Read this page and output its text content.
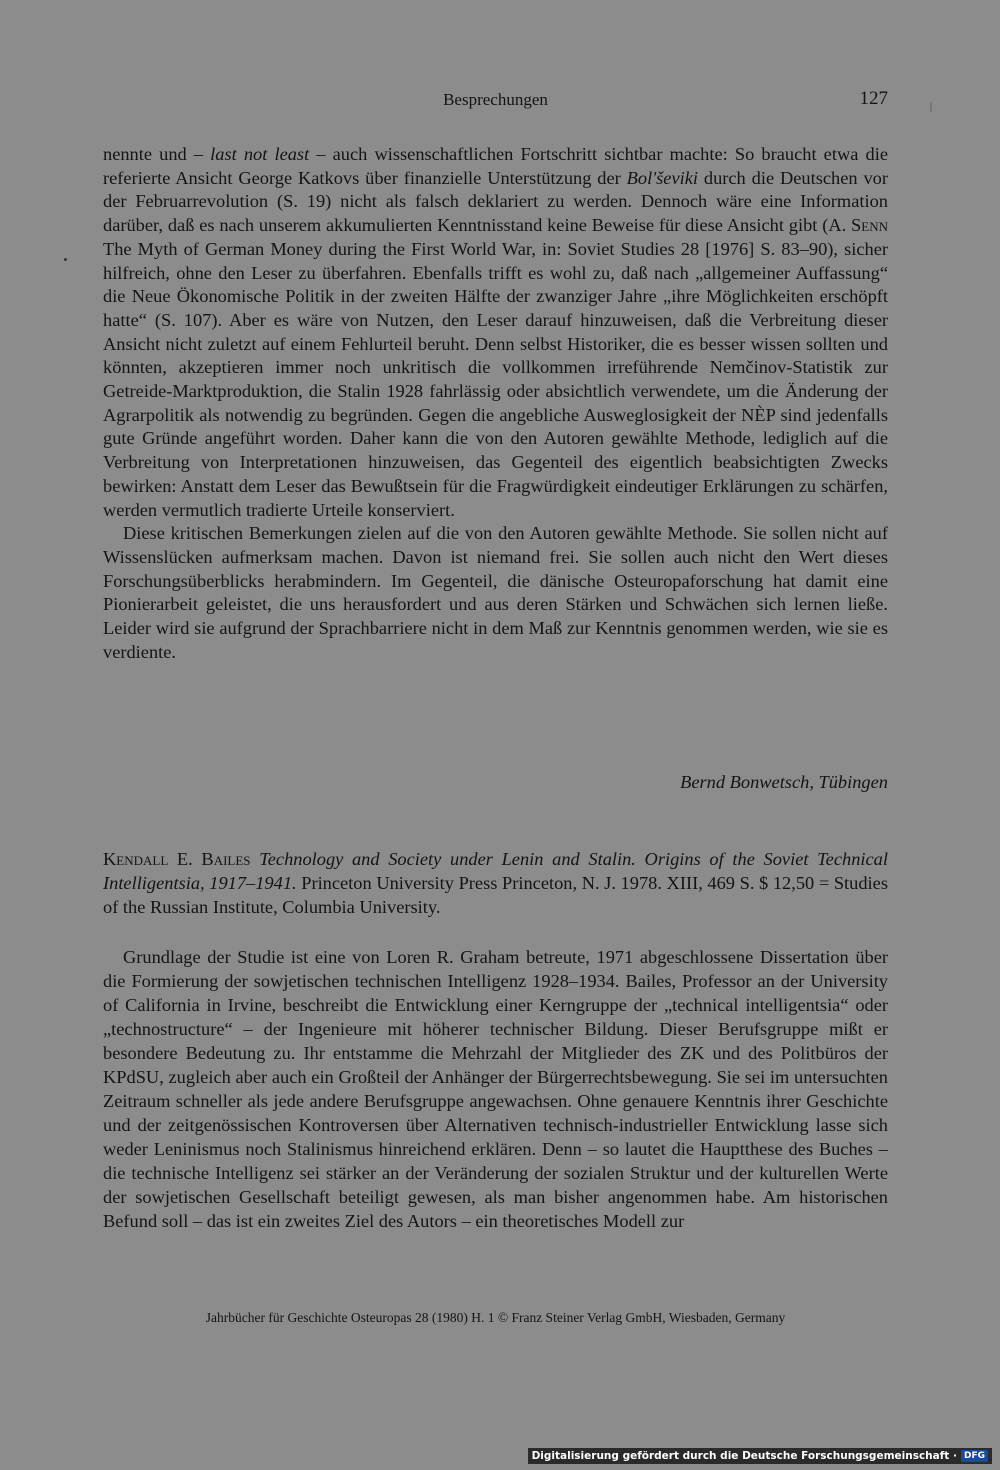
Besprechungen	127

nennte und – last not least – auch wissenschaftlichen Fortschritt sichtbar machte: So braucht etwa die referierte Ansicht George Katkovs über finanzielle Unterstützung der Bol'ševiki durch die Deutschen vor der Februarrevolution (S. 19) nicht als falsch deklariert zu werden. Dennoch wäre eine Information darüber, daß es nach unserem akkumulierten Kenntnisstand keine Beweise für diese Ansicht gibt (A. Senn The Myth of German Money during the First World War, in: Soviet Studies 28 [1976] S. 83–90), sicher hilfreich, ohne den Leser zu überfahren. Ebenfalls trifft es wohl zu, daß nach „allgemeiner Auffassung“ die Neue Ökonomische Politik in der zweiten Hälfte der zwanziger Jahre „ihre Möglichkeiten erschöpft hatte“ (S. 107). Aber es wäre von Nutzen, den Leser darauf hinzuweisen, daß die Verbreitung dieser Ansicht nicht zuletzt auf einem Fehlurteil beruht. Denn selbst Historiker, die es besser wissen sollten und könnten, akzeptieren immer noch unkritisch die vollkommen irreführende Nemčinov-Statistik zur Getreide-Marktproduktion, die Stalin 1928 fahrlässig oder absichtlich verwendete, um die Änderung der Agrarpolitik als notwendig zu begründen. Gegen die angebliche Ausweglosigkeit der NÈP sind jedenfalls gute Gründe angeführt worden. Daher kann die von den Autoren gewählte Methode, lediglich auf die Verbreitung von Interpretationen hinzuweisen, das Gegenteil des eigentlich beabsichtigten Zwecks bewirken: Anstatt dem Leser das Bewußtsein für die Fragwürdigkeit eindeutiger Erklärungen zu schärfen, werden vermutlich tradierte Urteile konserviert.

Diese kritischen Bemerkungen zielen auf die von den Autoren gewählte Methode. Sie sollen nicht auf Wissenslücken aufmerksam machen. Davon ist niemand frei. Sie sollen auch nicht den Wert dieses Forschungsüberblicks herabmindern. Im Gegenteil, die dänische Osteuropaforschung hat damit eine Pionierarbeit geleistet, die uns herausfordert und aus deren Stärken und Schwächen sich lernen ließe. Leider wird sie aufgrund der Sprachbarriere nicht in dem Maß zur Kenntnis genommen werden, wie sie es verdiente.

Bernd Bonwetsch, Tübingen
Kendall E. Bailes Technology and Society under Lenin and Stalin. Origins of the Soviet Technical Intelligentsia, 1917–1941. Princeton University Press Princeton, N. J. 1978. XIII, 469 S. $ 12,50 = Studies of the Russian Institute, Columbia University.

Grundlage der Studie ist eine von Loren R. Graham betreute, 1971 abgeschlossene Dissertation über die Formierung der sowjetischen technischen Intelligenz 1928–1934. Bailes, Professor an der University of California in Irvine, beschreibt die Entwicklung einer Kerngruppe der „technical intelligentsia“ oder „technostructure“ – der Ingenieure mit höherer technischer Bildung. Dieser Berufsgruppe mißt er besondere Bedeutung zu. Ihr entstamme die Mehrzahl der Mitglieder des ZK und des Politbüros der KPdSU, zugleich aber auch ein Großteil der Anhänger der Bürgerrechtsbewegung. Sie sei im untersuchten Zeitraum schneller als jede andere Berufsgruppe angewachsen. Ohne genauere Kenntnis ihrer Geschichte und der zeitgenössischen Kontroversen über Alternativen technisch-industrieller Entwicklung lasse sich weder Leninismus noch Stalinismus hinreichend erklären. Denn – so lautet die Hauptthese des Buches – die technische Intelligenz sei stärker an der Veränderung der sozialen Struktur und der kulturellen Werte der sowjetischen Gesellschaft beteiligt gewesen, als man bisher angenommen habe. Am historischen Befund soll – das ist ein zweites Ziel des Autors – ein theoretisches Modell zur

Jahrbücher für Geschichte Osteuropas 28 (1980) H. 1 © Franz Steiner Verlag GmbH, Wiesbaden, Germany
Digitalisierung gefördert durch die Deutsche Forschungsgemeinschaft · DFG
